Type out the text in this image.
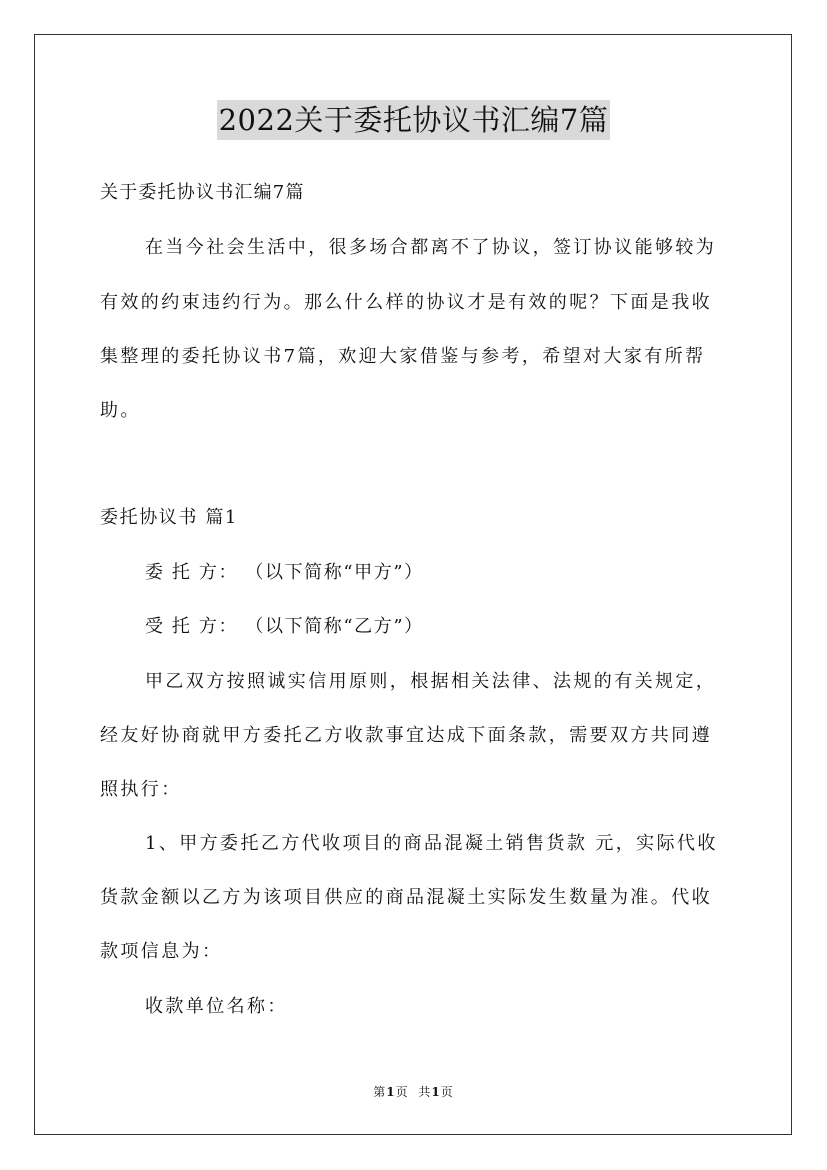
2022关于委托协议书汇编7篇
关于委托协议书汇编7篇
在当今社会生活中，很多场合都离不了协议，签订协议能够较为
有效的约束违约行为。那么什么样的协议才是有效的呢？下面是我收
集整理的委托协议书7篇，欢迎大家借鉴与参考，希望对大家有所帮
助。
委托协议书 篇1
委 托 方： （以下简称“甲方”）
受 托 方： （以下简称“乙方”）
甲乙双方按照诚实信用原则，根据相关法律、法规的有关规定，
经友好协商就甲方委托乙方收款事宜达成下面条款，需要双方共同遵
照执行：
1、甲方委托乙方代收项目的商品混凝土销售货款 元，实际代收
货款金额以乙方为该项目供应的商品混凝土实际发生数量为准。代收
款项信息为：
收款单位名称：
第1页 共1页
